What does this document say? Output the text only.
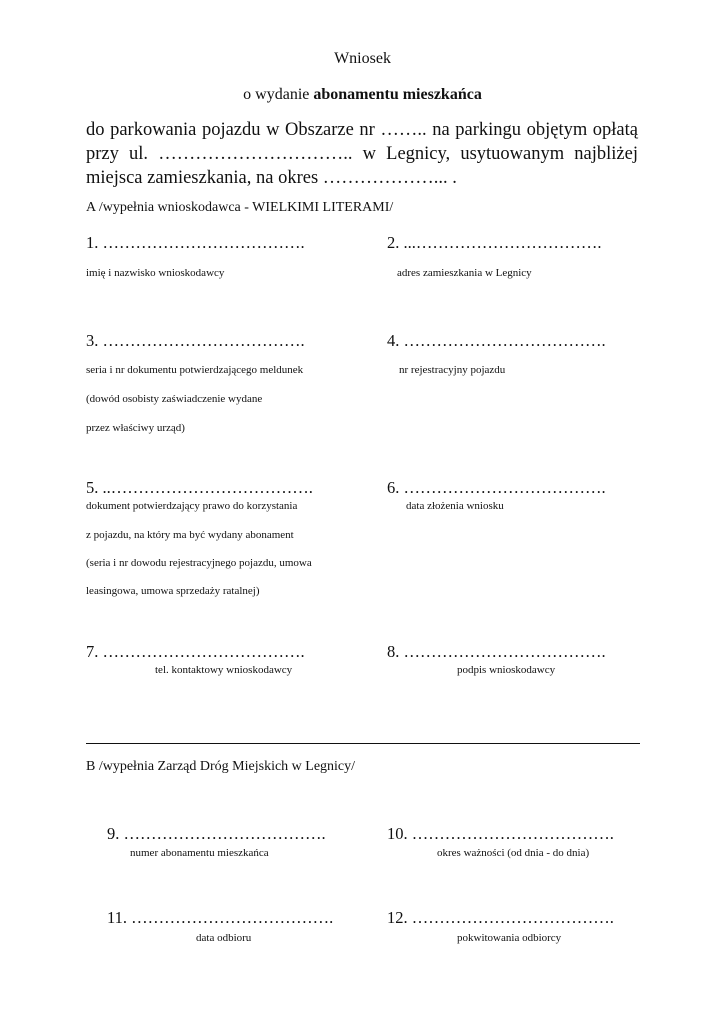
Wniosek
o wydanie abonamentu mieszkańca
do parkowania pojazdu w Obszarze nr …….. na parkingu objętym opłatą przy ul. ………………………….. w Legnicy, usytuowanym najbliżej miejsca zamieszkania, na okres ………………... .
A /wypełnia wnioskodawca - WIELKIMI LITERAMI/
1. ……………………………….
imię i nazwisko wnioskodawcy
2. ...…………………………….
adres zamieszkania w Legnicy
3. ……………………………….
seria i nr dokumentu potwierdzającego meldunek
(dowód osobisty zaświadczenie wydane
przez właściwy urząd)
4. ……………………………….
nr rejestracyjny pojazdu
5. ..……………………………….
dokument potwierdzający prawo do korzystania
z pojazdu, na który ma być wydany abonament
(seria i nr dowodu rejestracyjnego pojazdu, umowa
leasingowa, umowa sprzedaży ratalnej)
6. ……………………………….
data złożenia wniosku
7. ……………………………….
tel. kontaktowy wnioskodawcy
8. ……………………………….
podpis wnioskodawcy
B /wypełnia Zarząd Dróg Miejskich w Legnicy/
9. ……………………………….
numer abonamentu mieszkańca
10. ……………………………….
okres ważności (od dnia - do dnia)
11. ……………………………….
data odbioru
12. ……………………………….
pokwitowania odbiorcy
